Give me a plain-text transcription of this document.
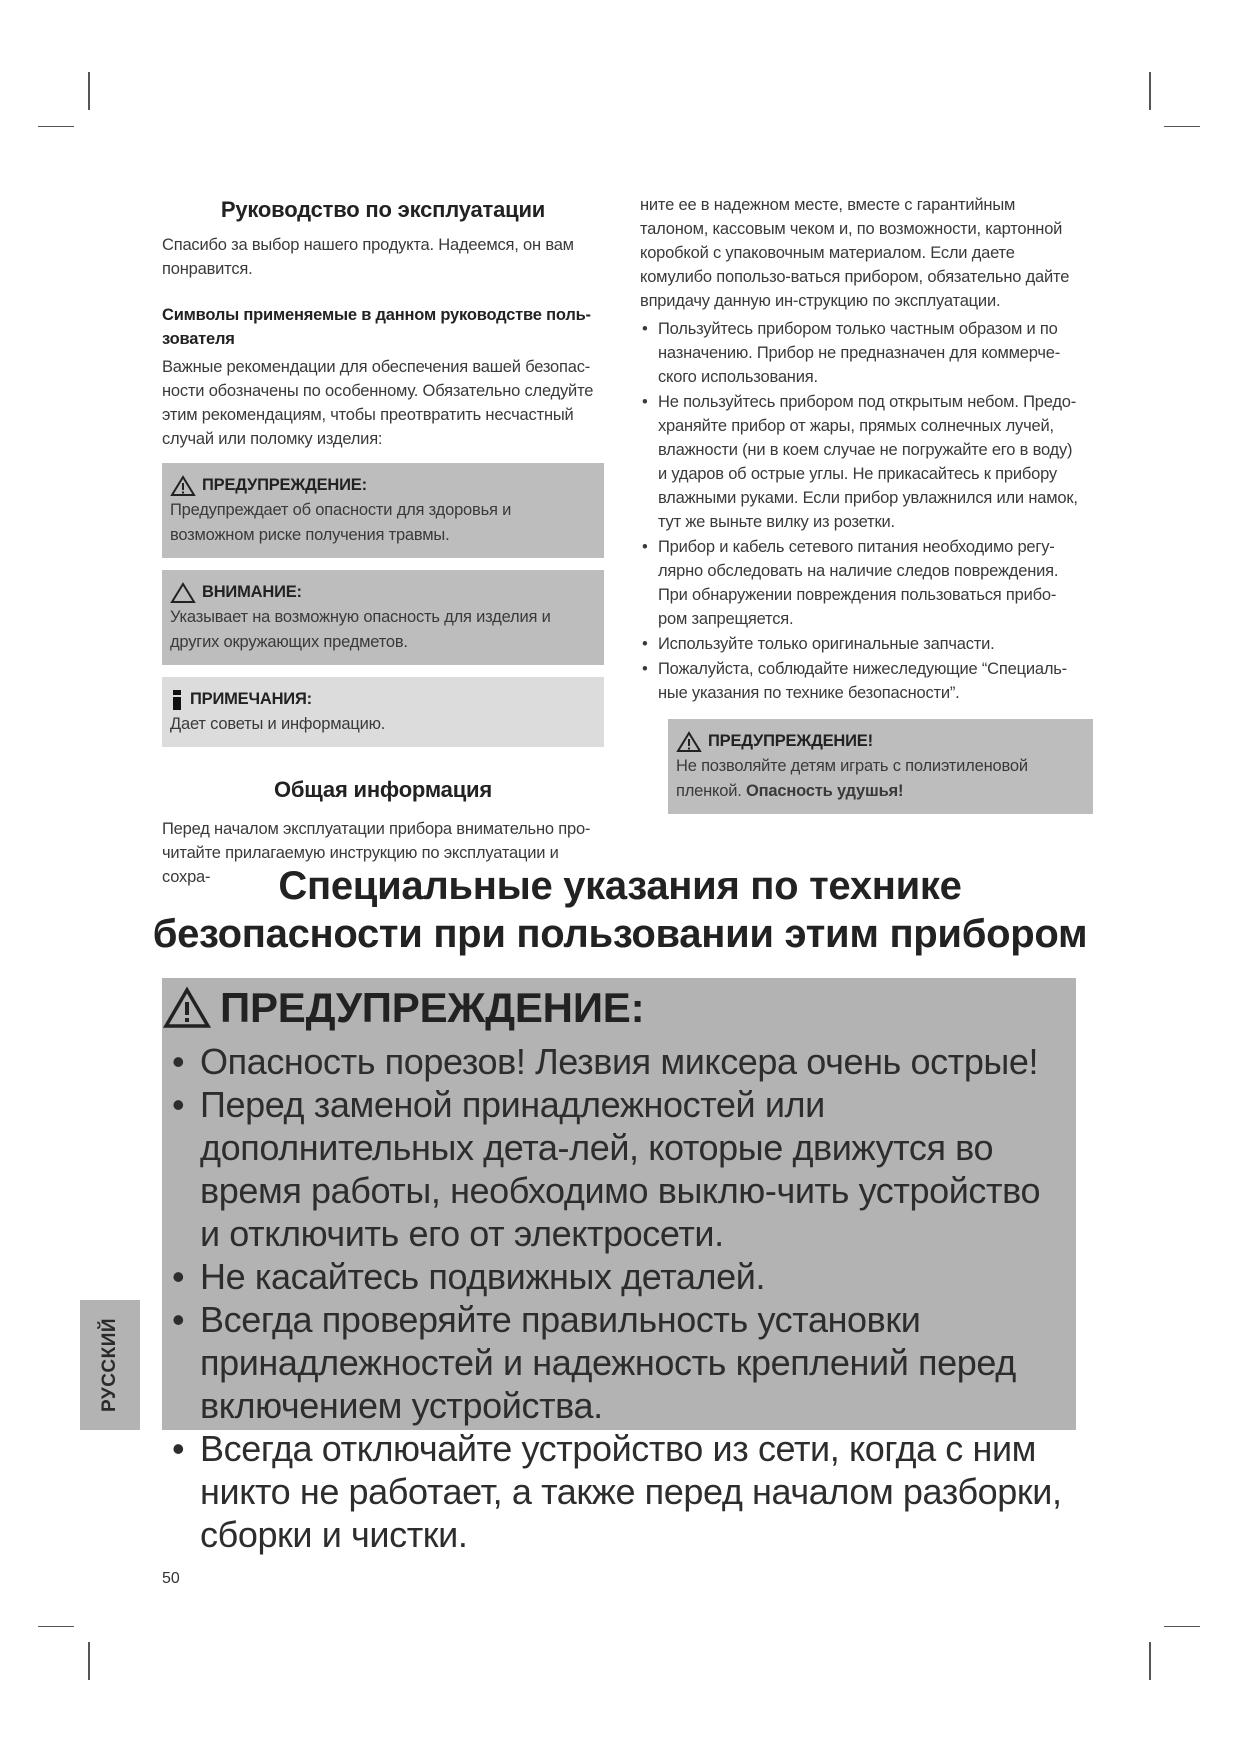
Руководство по эксплуатации
Спасибо за выбор нашего продукта. Надеемся, он вам понравится.
Символы применяемые в данном руководстве поль-зователя
Важные рекомендации для обеспечения вашей безопас-ности обозначены по особенному. Обязательно следуйте этим рекомендациям, чтобы преотвратить несчастный случай или поломку изделия:
ПРЕДУПРЕЖДЕНИЕ:
Предупреждает об опасности для здоровья и возможном риске получения травмы.
ВНИМАНИЕ:
Указывает на возможную опасность для изделия и других окружающих предметов.
ПРИМЕЧАНИЯ:
Дает советы и информацию.
Общая информация
Перед началом эксплуатации прибора внимательно про-читайте прилагаемую инструкцию по эксплуатации и сохра-
ните ее в надежном месте, вместе с гарантийным талоном, кассовым чеком и, по возможности, картонной коробкой с упаковочным материалом. Если даете комулибо попользо-ваться прибором, обязательно дайте впридачу данную ин-струкцию по эксплуатации.
• Пользуйтесь прибором только частным образом и по назначению. Прибор не предназначен для коммерче-ского использования.
• Не пользуйтесь прибором под открытым небом. Предо-храняйте прибор от жары, прямых солнечных лучей, влажности (ни в коем случае не погружайте его в воду) и ударов об острые углы. Не прикасайтесь к прибору влажными руками. Если прибор увлажнился или намок, тут же выньте вилку из розетки.
• Прибор и кабель сетевого питания необходимо регу-лярно обследовать на наличие следов повреждения. При обнаружении повреждения пользоваться прибо-ром запрещяется.
• Используйте только оригинальные запчасти.
• Пожалуйста, соблюдайте нижеследующие “Специаль-ные указания по технике безопасности”.
ПРЕДУПРЕЖДЕНИЕ!
Не позволяйте детям играть с полиэтиленовой пленкой. Опасность удушья!
Специальные указания по технике безопасности при пользовании этим прибором
ПРЕДУПРЕЖДЕНИЕ:
• Опасность порезов! Лезвия миксера очень острые!
• Перед заменой принадлежностей или дополнительных дета-лей, которые движутся во время работы, необходимо выклю-чить устройство и отключить его от электросети.
• Не касайтесь подвижных деталей.
• Всегда проверяйте правильность установки принадлежностей и надежность креплений перед включением устройства.
• Всегда отключайте устройство из сети, когда с ним никто не работает, а также перед началом разборки, сборки и чистки.
РУССКИЙ
50
